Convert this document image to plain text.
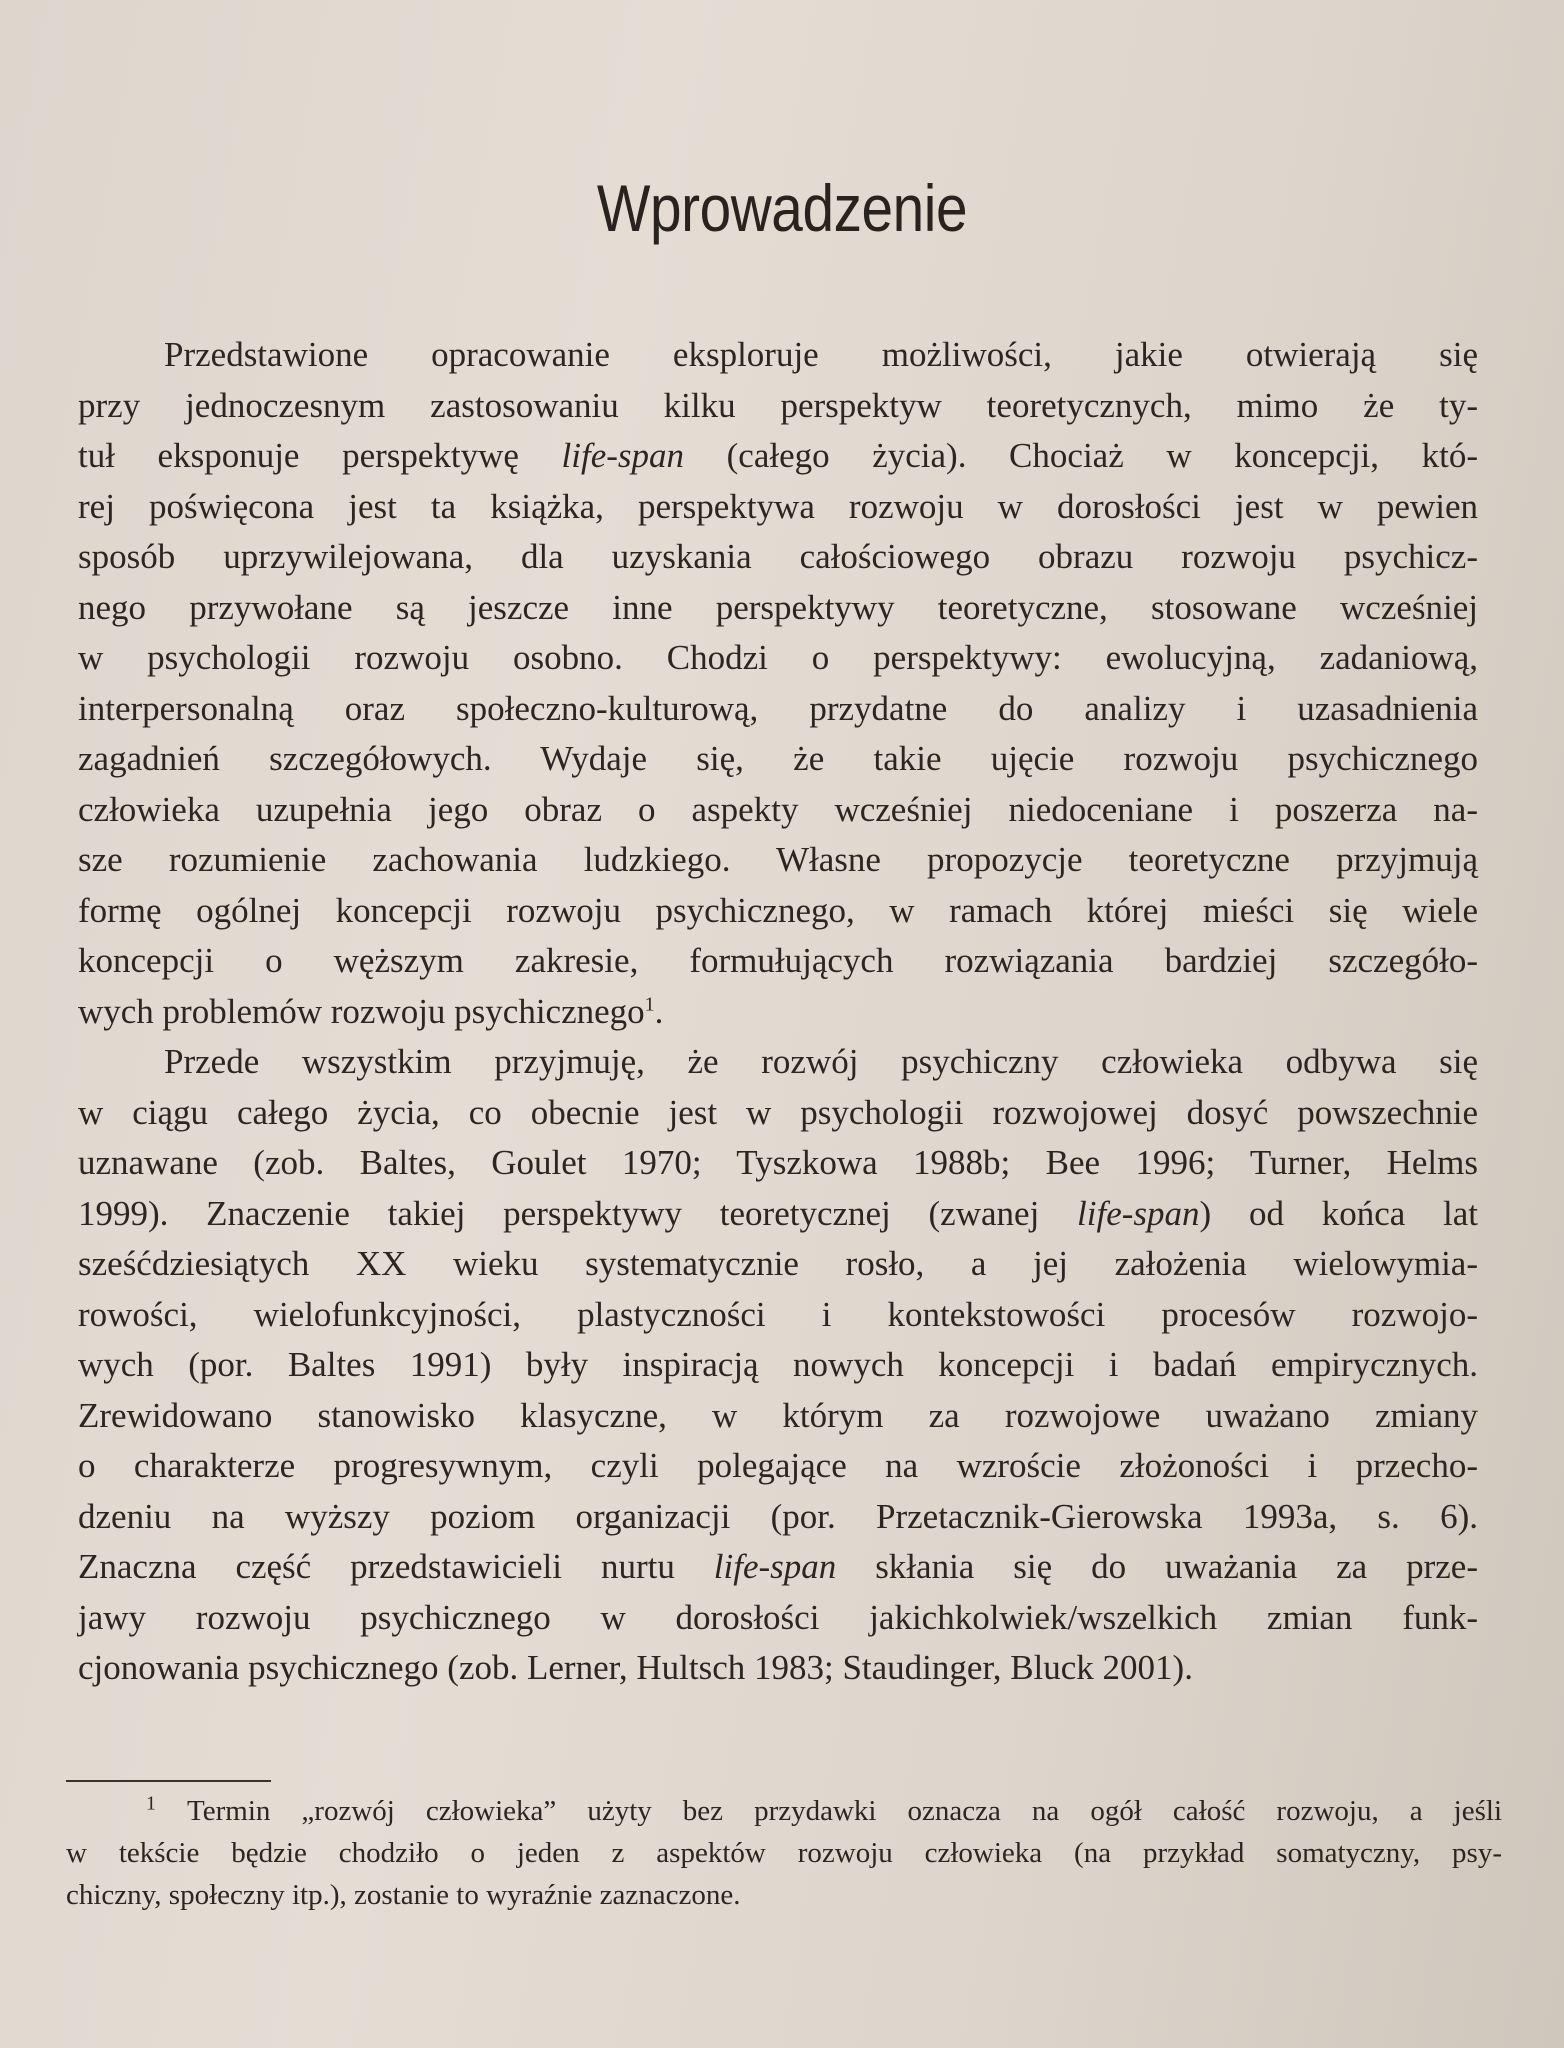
Wprowadzenie
Przedstawione opracowanie eksploruje możliwości, jakie otwierają się
przy jednoczesnym zastosowaniu kilku perspektyw teoretycznych, mimo że ty-
tuł eksponuje perspektywę life-span (całego życia). Chociaż w koncepcji, któ-
rej poświęcona jest ta książka, perspektywa rozwoju w dorosłości jest w pewien
sposób uprzywilejowana, dla uzyskania całościowego obrazu rozwoju psychicz-
nego przywołane są jeszcze inne perspektywy teoretyczne, stosowane wcześniej
w psychologii rozwoju osobno. Chodzi o perspektywy: ewolucyjną, zadaniową,
interpersonalną oraz społeczno-kulturową, przydatne do analizy i uzasadnienia
zagadnień szczegółowych. Wydaje się, że takie ujęcie rozwoju psychicznego
człowieka uzupełnia jego obraz o aspekty wcześniej niedoceniane i poszerza na-
sze rozumienie zachowania ludzkiego. Własne propozycje teoretyczne przyjmują
formę ogólnej koncepcji rozwoju psychicznego, w ramach której mieści się wiele
koncepcji o węższym zakresie, formułujących rozwiązania bardziej szczegóło-
wych problemów rozwoju psychicznego$^1$.
Przede wszystkim przyjmuję, że rozwój psychiczny człowieka odbywa się
w ciągu całego życia, co obecnie jest w psychologii rozwojowej dosyć powszechnie
uznawane (zob. Baltes, Goulet 1970; Tyszkowa 1988b; Bee 1996; Turner, Helms
1999). Znaczenie takiej perspektywy teoretycznej (zwanej life-span) od końca lat
sześćdziesiątych XX wieku systematycznie rosło, a jej założenia wielowymia-
rowości, wielofunkcyjności, plastyczności i kontekstowości procesów rozwojo-
wych (por. Baltes 1991) były inspiracją nowych koncepcji i badań empirycznych.
Zrewidowano stanowisko klasyczne, w którym za rozwojowe uważano zmiany
o charakterze progresywnym, czyli polegające na wzroście złożoności i przecho-
dzeniu na wyższy poziom organizacji (por. Przetacznik-Gierowska 1993a, s. 6).
Znaczna część przedstawicieli nurtu life-span skłania się do uważania za prze-
jawy rozwoju psychicznego w dorosłości jakichkolwiek/wszelkich zmian funk-
cjonowania psychicznego (zob. Lerner, Hultsch 1983; Staudinger, Bluck 2001).
$^1$ Termin „rozwój człowieka” użyty bez przydawki oznacza na ogół całość rozwoju, a jeśli
w tekście będzie chodziło o jeden z aspektów rozwoju człowieka (na przykład somatyczny, psy-
chiczny, społeczny itp.), zostanie to wyraźnie zaznaczone.
